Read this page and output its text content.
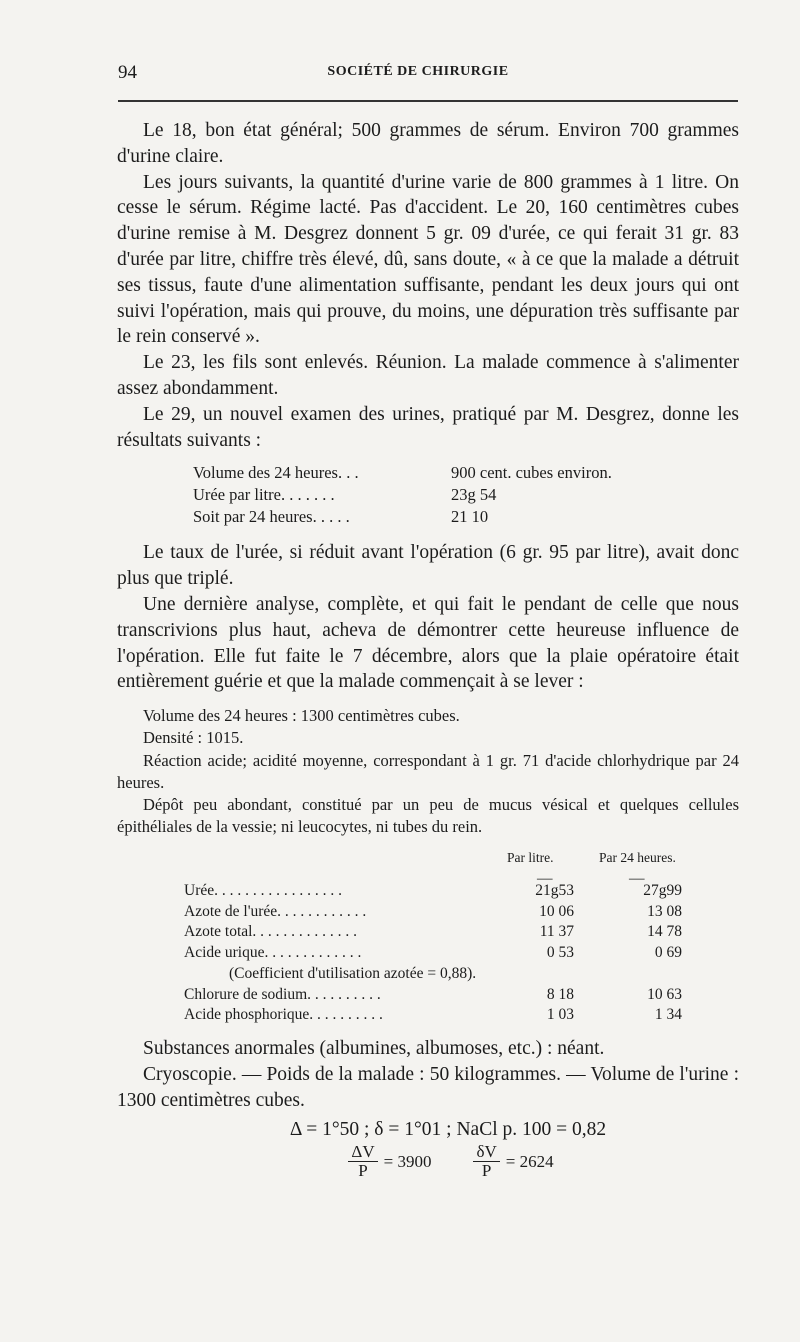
94	SOCIÉTÉ DE CHIRURGIE

Le 18, bon état général; 500 grammes de sérum. Environ 700 grammes d'urine claire.

Les jours suivants, la quantité d'urine varie de 800 grammes à 1 litre. On cesse le sérum. Régime lacté. Pas d'accident. Le 20, 160 centimètres cubes d'urine remise à M. Desgrez donnent 5 gr. 09 d'urée, ce qui ferait 31 gr. 83 d'urée par litre, chiffre très élevé, dû, sans doute, « à ce que la malade a détruit ses tissus, faute d'une alimentation suffisante, pendant les deux jours qui ont suivi l'opération, mais qui prouve, du moins, une dépuration très suffisante par le rein conservé ».

Le 23, les fils sont enlevés. Réunion. La malade commence à s'alimenter assez abondamment.

Le 29, un nouvel examen des urines, pratiqué par M. Desgrez, donne les résultats suivants :

Volume des 24 heures. . .	900 cent. cubes environ.
Urée par litre. . . . . . .	23g 54
Soit par 24 heures. . . . .	21 10

Le taux de l'urée, si réduit avant l'opération (6 gr. 95 par litre), avait donc plus que triplé.

Une dernière analyse, complète, et qui fait le pendant de celle que nous transcrivions plus haut, acheva de démontrer cette heureuse influence de l'opération. Elle fut faite le 7 décembre, alors que la plaie opératoire était entièrement guérie et que la malade commençait à se lever :

Volume des 24 heures : 1300 centimètres cubes.

Densité : 1015.

Réaction acide; acidité moyenne, correspondant à 1 gr. 71 d'acide chlorhydrique par 24 heures.

Dépôt peu abondant, constitué par un peu de mucus vésical et quelques cellules épithéliales de la vessie; ni leucocytes, ni tubes du rein.

Par litre.	Par 24 heures.
—	—
Urée. . . . . . . . . . . . . . . . .	21g53	27g99
Azote de l'urée. . . . . . . . . . . .	10 06	13 08
Azote total. . . . . . . . . . . . . .	11 37	14 78
Acide urique. . . . . . . . . . . . .	0 53	0 69
(Coefficient d'utilisation azotée = 0,88).
Chlorure de sodium. . . . . . . . . .	8 18	10 63
Acide phosphorique. . . . . . . . . .	1 03	1 34

Substances anormales (albumines, albumoses, etc.) : néant.

Cryoscopie. — Poids de la malade : 50 kilogrammes. — Volume de l'urine : 1300 centimètres cubes.

Δ = 1°50 ; δ = 1°01 ; NaCl p. 100 = 0,82
$\frac{\Delta V}{P} = 3900 \frac{\delta V}{P} = 2624$
